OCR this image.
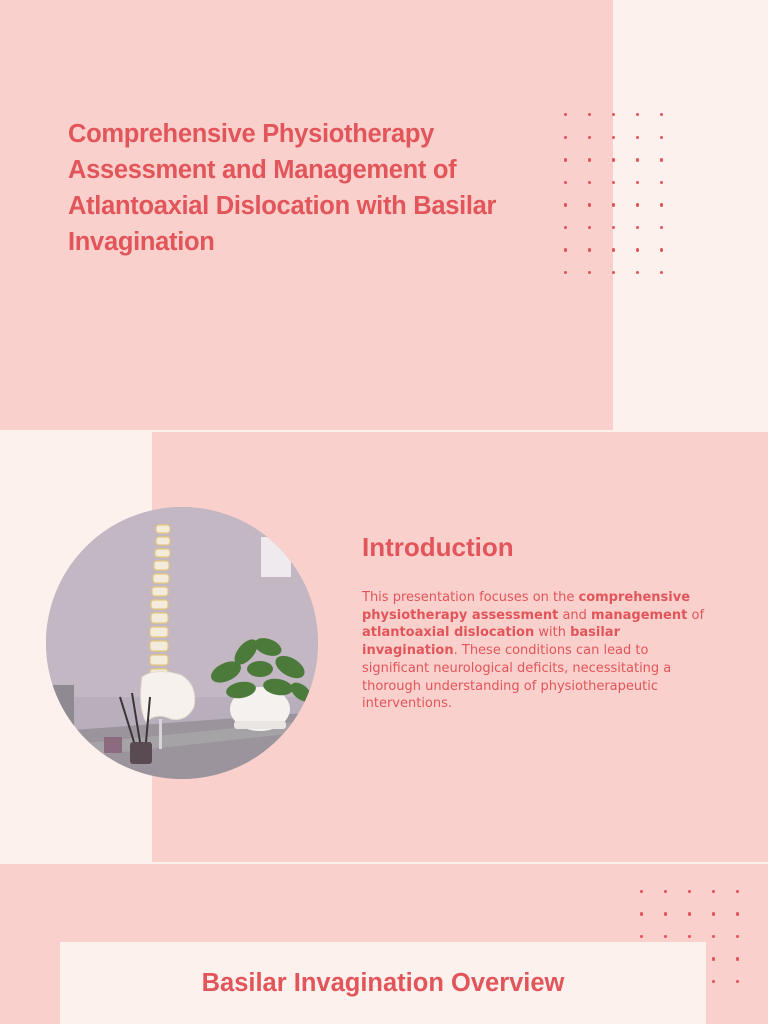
Comprehensive Physiotherapy Assessment and Management of Atlantoaxial Dislocation with Basilar Invagination
Introduction

This presentation focuses on the comprehensive physiotherapy assessment and management of atlantoaxial dislocation with basilar invagination. These conditions can lead to significant neurological deficits, necessitating a thorough understanding of physiotherapeutic interventions.

Basilar Invagination Overview
